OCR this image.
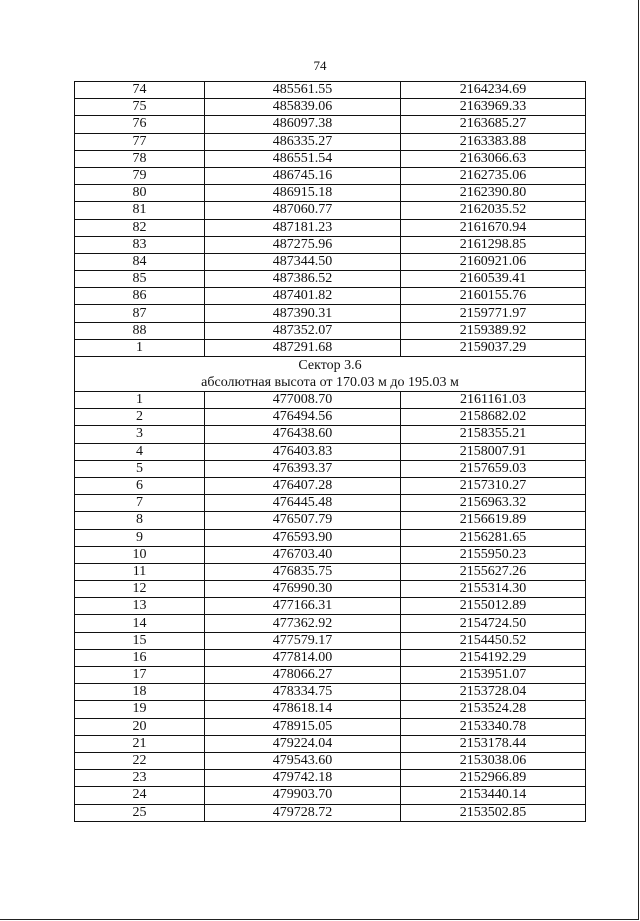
74
74	485561.55	2164234.69
75	485839.06	2163969.33
76	486097.38	2163685.27
77	486335.27	2163383.88
78	486551.54	2163066.63
79	486745.16	2162735.06
80	486915.18	2162390.80
81	487060.77	2162035.52
82	487181.23	2161670.94
83	487275.96	2161298.85
84	487344.50	2160921.06
85	487386.52	2160539.41
86	487401.82	2160155.76
87	487390.31	2159771.97
88	487352.07	2159389.92
1	487291.68	2159037.29

Сектор 3.6
абсолютная высота от 170.03 м до 195.03 м		

1	477008.70	2161161.03
2	476494.56	2158682.02
3	476438.60	2158355.21
4	476403.83	2158007.91
5	476393.37	2157659.03
6	476407.28	2157310.27
7	476445.48	2156963.32
8	476507.79	2156619.89
9	476593.90	2156281.65
10	476703.40	2155950.23
11	476835.75	2155627.26
12	476990.30	2155314.30
13	477166.31	2155012.89
14	477362.92	2154724.50
15	477579.17	2154450.52
16	477814.00	2154192.29
17	478066.27	2153951.07
18	478334.75	2153728.04
19	478618.14	2153524.28
20	478915.05	2153340.78
21	479224.04	2153178.44
22	479543.60	2153038.06
23	479742.18	2152966.89
24	479903.70	2153440.14
25	479728.72	2153502.85
